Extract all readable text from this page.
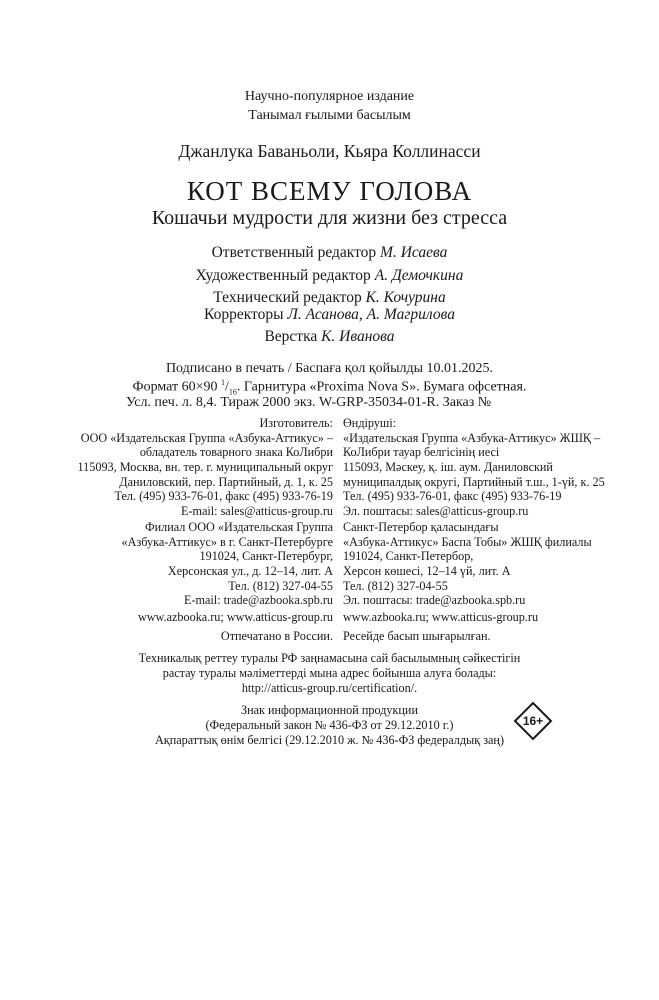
Научно-популярное издание
Танымал ғылыми басылым
Джанлука Баваньоли, Кьяра Коллинасси
КОТ ВСЕМУ ГОЛОВА
Кошачьи мудрости для жизни без стресса
Ответственный редактор М. Исаева
Художественный редактор А. Демочкина
Технический редактор К. Кочурина
Корректоры Л. Асанова, А. Магрилова
Верстка К. Иванова
Подписано в печать / Баспаға қол қойылды 10.01.2025.
Формат 60×90 $^1/_{16}$. Гарнитура «Proxima Nova S». Бумага офсетная.
Усл. печ. л. 8,4. Тираж 2000 экз. W-GRP-35034-01-R. Заказ №
Изготовитель:
ООО «Издательская Группа «Азбука-Аттикус» –
обладатель товарного знака КоЛибри
115093, Москва, вн. тер. г. муниципальный округ
Даниловский, пер. Партийный, д. 1, к. 25
Тел. (495) 933-76-01, факс (495) 933-76-19
E-mail: sales@atticus-group.ru
Өндіруші:
«Издательская Группа «Азбука-Аттикус» ЖШҚ –
КоЛибри тауар белгісінің иесі
115093, Мәскеу, қ. іш. аум. Даниловский
муниципалдық округі, Партийный т.ш., 1-үй, к. 25
Тел. (495) 933-76-01, факс (495) 933-76-19
Эл. поштасы: sales@atticus-group.ru
Филиал ООО «Издательская Группа
«Азбука-Аттикус» в г. Санкт-Петербурге
191024, Санкт-Петербург,
Херсонская ул., д. 12–14, лит. А
Тел. (812) 327-04-55
E-mail: trade@azbooka.spb.ru
Санкт-Петербор қаласындағы
«Азбука-Аттикус» Баспа Тобы» ЖШҚ филиалы
191024, Санкт-Петербор,
Херсон көшесі, 12–14 үй, лит. А
Тел. (812) 327-04-55
Эл. поштасы: trade@azbooka.spb.ru
www.azbooka.ru; www.atticus-group.ru www.azbooka.ru; www.atticus-group.ru
Отпечатано в России. Ресейде басып шығарылған.
Техникалық реттеу туралы РФ заңнамасына сай басылымның сәйкестігін
растау туралы мәліметтерді мына адрес бойынша алуға болады:
http://atticus-group.ru/certification/.
Знак информационной продукции
(Федеральный закон № 436-ФЗ от 29.12.2010 г.)
Ақпараттық өнім белгісі (29.12.2010 ж. № 436-ФЗ федералдық заң)
16+
